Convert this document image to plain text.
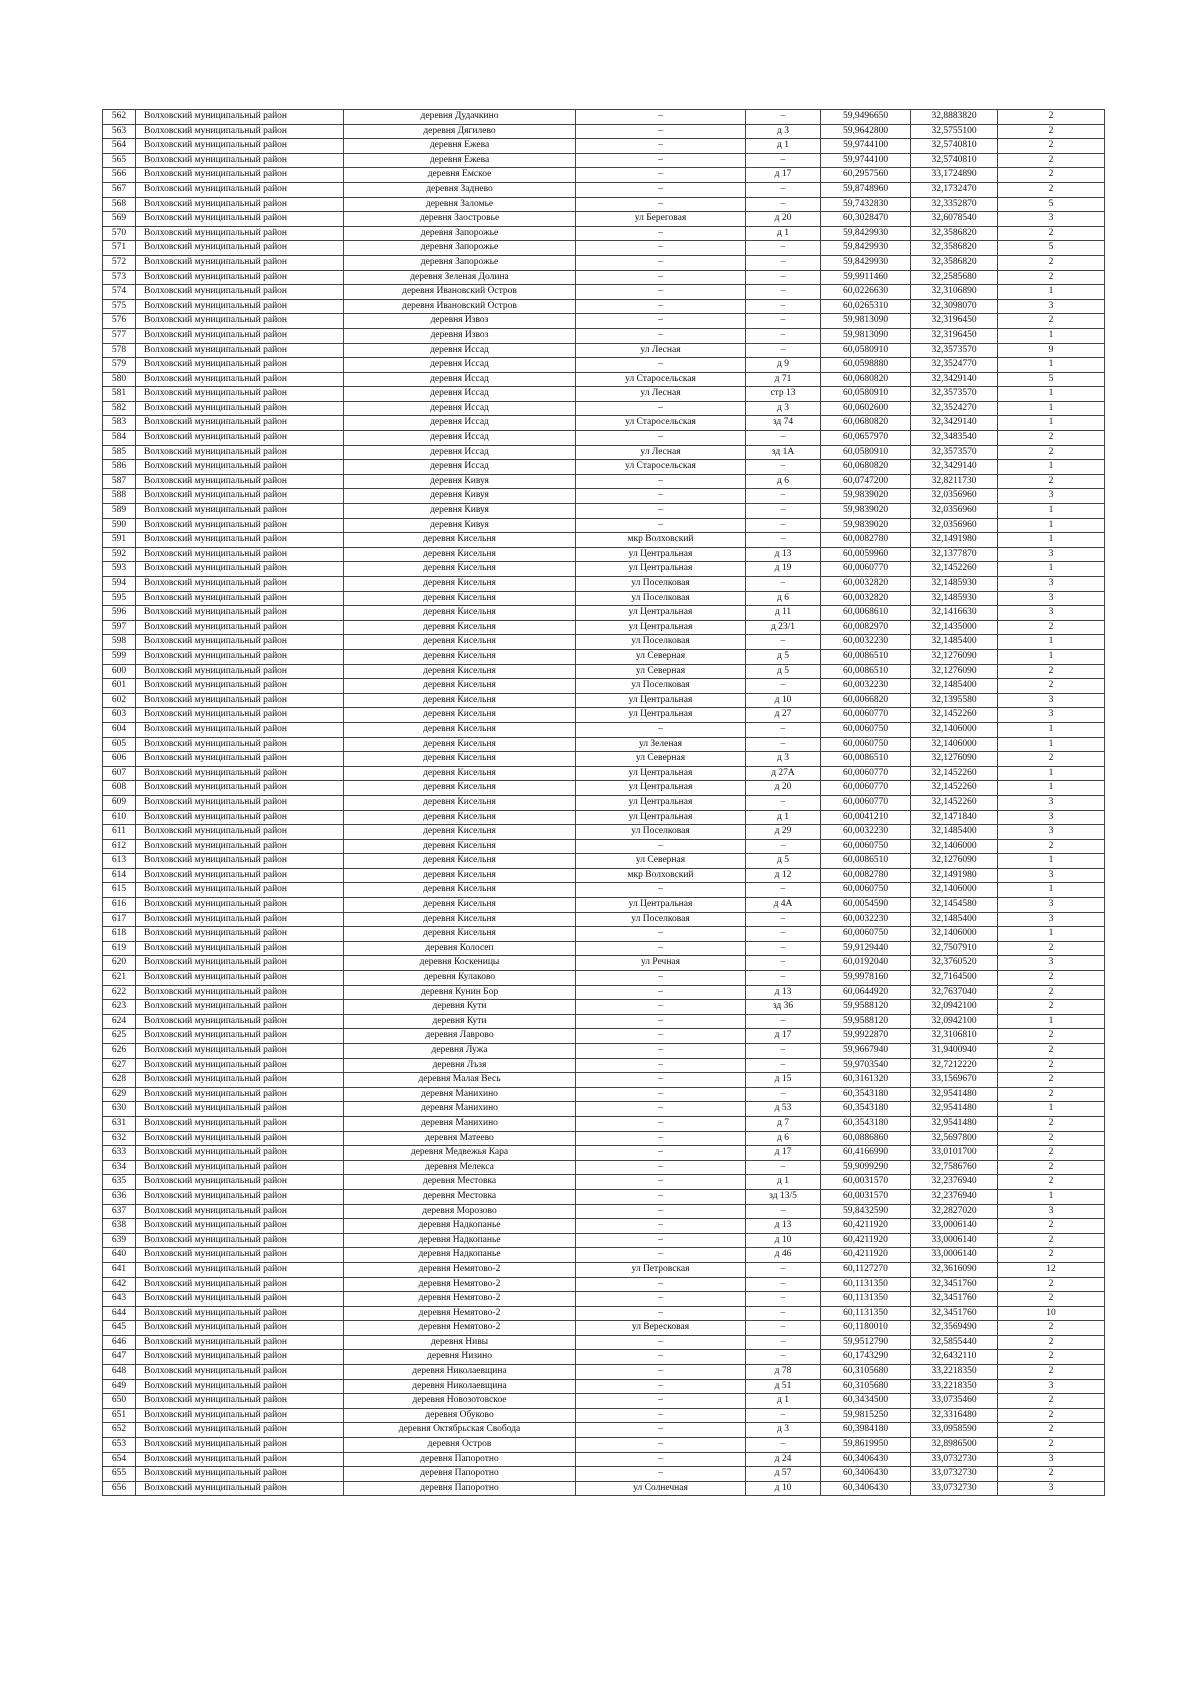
562	Волховский муниципальный район	деревня Дудачкино	–	–	59,9496650	32,8883820	2
563	Волховский муниципальный район	деревня Дягилево	–	д 3	59,9642800	32,5755100	2
564	Волховский муниципальный район	деревня Ежева	–	д 1	59,9744100	32,5740810	2
565	Волховский муниципальный район	деревня Ежева	–	–	59,9744100	32,5740810	2
566	Волховский муниципальный район	деревня Емское	–	д 17	60,2957560	33,1724890	2
567	Волховский муниципальный район	деревня Заднево	–	–	59,8748960	32,1732470	2
568	Волховский муниципальный район	деревня Заломье	–	–	59,7432830	32,3352870	5
569	Волховский муниципальный район	деревня Заостровье	ул Береговая	д 20	60,3028470	32,6078540	3
570	Волховский муниципальный район	деревня Запорожье	–	д 1	59,8429930	32,3586820	2
571	Волховский муниципальный район	деревня Запорожье	–	–	59,8429930	32,3586820	5
572	Волховский муниципальный район	деревня Запорожье	–	–	59,8429930	32,3586820	2
573	Волховский муниципальный район	деревня Зеленая Долина	–	–	59,9911460	32,2585680	2
574	Волховский муниципальный район	деревня Ивановский Остров	–	–	60,0226630	32,3106890	1
575	Волховский муниципальный район	деревня Ивановский Остров	–	–	60,0265310	32,3098070	3
576	Волховский муниципальный район	деревня Извоз	–	–	59,9813090	32,3196450	2
577	Волховский муниципальный район	деревня Извоз	–	–	59,9813090	32,3196450	1
578	Волховский муниципальный район	деревня Иссад	ул Лесная	–	60,0580910	32,3573570	9
579	Волховский муниципальный район	деревня Иссад	–	д 9	60,0598880	32,3524770	1
580	Волховский муниципальный район	деревня Иссад	ул Старосельская	д 71	60,0680820	32,3429140	5
581	Волховский муниципальный район	деревня Иссад	ул Лесная	стр 13	60,0580910	32,3573570	1
582	Волховский муниципальный район	деревня Иссад	–	д 3	60,0602600	32,3524270	1
583	Волховский муниципальный район	деревня Иссад	ул Старосельская	зд 74	60,0680820	32,3429140	1
584	Волховский муниципальный район	деревня Иссад	–	–	60,0657970	32,3483540	2
585	Волховский муниципальный район	деревня Иссад	ул Лесная	зд 1А	60,0580910	32,3573570	2
586	Волховский муниципальный район	деревня Иссад	ул Старосельская	–	60,0680820	32,3429140	1
587	Волховский муниципальный район	деревня Кивуя	–	д 6	60,0747200	32,8211730	2
588	Волховский муниципальный район	деревня Кивуя	–	–	59,9839020	32,0356960	3
589	Волховский муниципальный район	деревня Кивуя	–	–	59,9839020	32,0356960	1
590	Волховский муниципальный район	деревня Кивуя	–	–	59,9839020	32,0356960	1
591	Волховский муниципальный район	деревня Кисельня	мкр Волховский	–	60,0082780	32,1491980	1
592	Волховский муниципальный район	деревня Кисельня	ул Центральная	д 13	60,0059960	32,1377870	3
593	Волховский муниципальный район	деревня Кисельня	ул Центральная	д 19	60,0060770	32,1452260	1
594	Волховский муниципальный район	деревня Кисельня	ул Поселковая	–	60,0032820	32,1485930	3
595	Волховский муниципальный район	деревня Кисельня	ул Поселковая	д 6	60,0032820	32,1485930	3
596	Волховский муниципальный район	деревня Кисельня	ул Центральная	д 11	60,0068610	32,1416630	3
597	Волховский муниципальный район	деревня Кисельня	ул Центральная	д 23/1	60,0082970	32,1435000	2
598	Волховский муниципальный район	деревня Кисельня	ул Поселковая	–	60,0032230	32,1485400	1
599	Волховский муниципальный район	деревня Кисельня	ул Северная	д 5	60,0086510	32,1276090	1
600	Волховский муниципальный район	деревня Кисельня	ул Северная	д 5	60,0086510	32,1276090	2
601	Волховский муниципальный район	деревня Кисельня	ул Поселковая	–	60,0032230	32,1485400	2
602	Волховский муниципальный район	деревня Кисельня	ул Центральная	д 10	60,0066820	32,1395580	3
603	Волховский муниципальный район	деревня Кисельня	ул Центральная	д 27	60,0060770	32,1452260	3
604	Волховский муниципальный район	деревня Кисельня	–	–	60,0060750	32,1406000	1
605	Волховский муниципальный район	деревня Кисельня	ул Зеленая	–	60,0060750	32,1406000	1
606	Волховский муниципальный район	деревня Кисельня	ул Северная	д 3	60,0086510	32,1276090	2
607	Волховский муниципальный район	деревня Кисельня	ул Центральная	д 27А	60,0060770	32,1452260	1
608	Волховский муниципальный район	деревня Кисельня	ул Центральная	д 20	60,0060770	32,1452260	1
609	Волховский муниципальный район	деревня Кисельня	ул Центральная	–	60,0060770	32,1452260	3
610	Волховский муниципальный район	деревня Кисельня	ул Центральная	д 1	60,0041210	32,1471840	3
611	Волховский муниципальный район	деревня Кисельня	ул Поселковая	д 29	60,0032230	32,1485400	3
612	Волховский муниципальный район	деревня Кисельня	–	–	60,0060750	32,1406000	2
613	Волховский муниципальный район	деревня Кисельня	ул Северная	д 5	60,0086510	32,1276090	1
614	Волховский муниципальный район	деревня Кисельня	мкр Волховский	д 12	60,0082780	32,1491980	3
615	Волховский муниципальный район	деревня Кисельня	–	–	60,0060750	32,1406000	1
616	Волховский муниципальный район	деревня Кисельня	ул Центральная	д 4А	60,0054590	32,1454580	3
617	Волховский муниципальный район	деревня Кисельня	ул Поселковая	–	60,0032230	32,1485400	3
618	Волховский муниципальный район	деревня Кисельня	–	–	60,0060750	32,1406000	1
619	Волховский муниципальный район	деревня Колосеп	–	–	59,9129440	32,7507910	2
620	Волховский муниципальный район	деревня Коскеницы	ул Речная	–	60,0192040	32,3760520	3
621	Волховский муниципальный район	деревня Кулаково	–	–	59,9978160	32,7164500	2
622	Волховский муниципальный район	деревня Кунин Бор	–	д 13	60,0644920	32,7637040	2
623	Волховский муниципальный район	деревня Кути	–	зд 36	59,9588120	32,0942100	2
624	Волховский муниципальный район	деревня Кути	–	–	59,9588120	32,0942100	1
625	Волховский муниципальный район	деревня Лаврово	–	д 17	59,9922870	32,3106810	2
626	Волховский муниципальный район	деревня Лужа	–	–	59,9667940	31,9400940	2
627	Волховский муниципальный район	деревня Лъзя	–	–	59,9703540	32,7212220	2
628	Волховский муниципальный район	деревня Малая Весь	–	д 15	60,3161320	33,1569670	2
629	Волховский муниципальный район	деревня Манихино	–	–	60,3543180	32,9541480	2
630	Волховский муниципальный район	деревня Манихино	–	д 53	60,3543180	32,9541480	1
631	Волховский муниципальный район	деревня Манихино	–	д 7	60,3543180	32,9541480	2
632	Волховский муниципальный район	деревня Матеево	–	д 6	60,0886860	32,5697800	2
633	Волховский муниципальный район	деревня Медвежья Кара	–	д 17	60,4166990	33,0101700	2
634	Волховский муниципальный район	деревня Мелекса	–	–	59,9099290	32,7586760	2
635	Волховский муниципальный район	деревня Местовка	–	д 1	60,0031570	32,2376940	2
636	Волховский муниципальный район	деревня Местовка	–	зд 13/5	60,0031570	32,2376940	1
637	Волховский муниципальный район	деревня Морозово	–	–	59,8432590	32,2827020	3
638	Волховский муниципальный район	деревня Надкопанье	–	д 13	60,4211920	33,0006140	2
639	Волховский муниципальный район	деревня Надкопанье	–	д 10	60,4211920	33,0006140	2
640	Волховский муниципальный район	деревня Надкопанье	–	д 46	60,4211920	33,0006140	2
641	Волховский муниципальный район	деревня Немятово-2	ул Петровская	–	60,1127270	32,3616090	12
642	Волховский муниципальный район	деревня Немятово-2	–	–	60,1131350	32,3451760	2
643	Волховский муниципальный район	деревня Немятово-2	–	–	60,1131350	32,3451760	2
644	Волховский муниципальный район	деревня Немятово-2	–	–	60,1131350	32,3451760	10
645	Волховский муниципальный район	деревня Немятово-2	ул Вересковая	–	60,1180010	32,3569490	2
646	Волховский муниципальный район	деревня Нивы	–	–	59,9512790	32,5855440	2
647	Волховский муниципальный район	деревня Низино	–	–	60,1743290	32,6432110	2
648	Волховский муниципальный район	деревня Николаевщина	–	д 78	60,3105680	33,2218350	2
649	Волховский муниципальный район	деревня Николаевщина	–	д 51	60,3105680	33,2218350	3
650	Волховский муниципальный район	деревня Новозотовское	–	д 1	60,3434500	33,0735460	2
651	Волховский муниципальный район	деревня Обуково	–	–	59,9815250	32,3316480	2
652	Волховский муниципальный район	деревня Октябрьская Свобода	–	д 3	60,3984180	33,0958590	2
653	Волховский муниципальный район	деревня Остров	–	–	59,8619950	32,8986500	2
654	Волховский муниципальный район	деревня Папоротно	–	д 24	60,3406430	33,0732730	3
655	Волховский муниципальный район	деревня Папоротно	–	д 57	60,3406430	33,0732730	2
656	Волховский муниципальный район	деревня Папоротно	ул Солнечная	д 10	60,3406430	33,0732730	3
